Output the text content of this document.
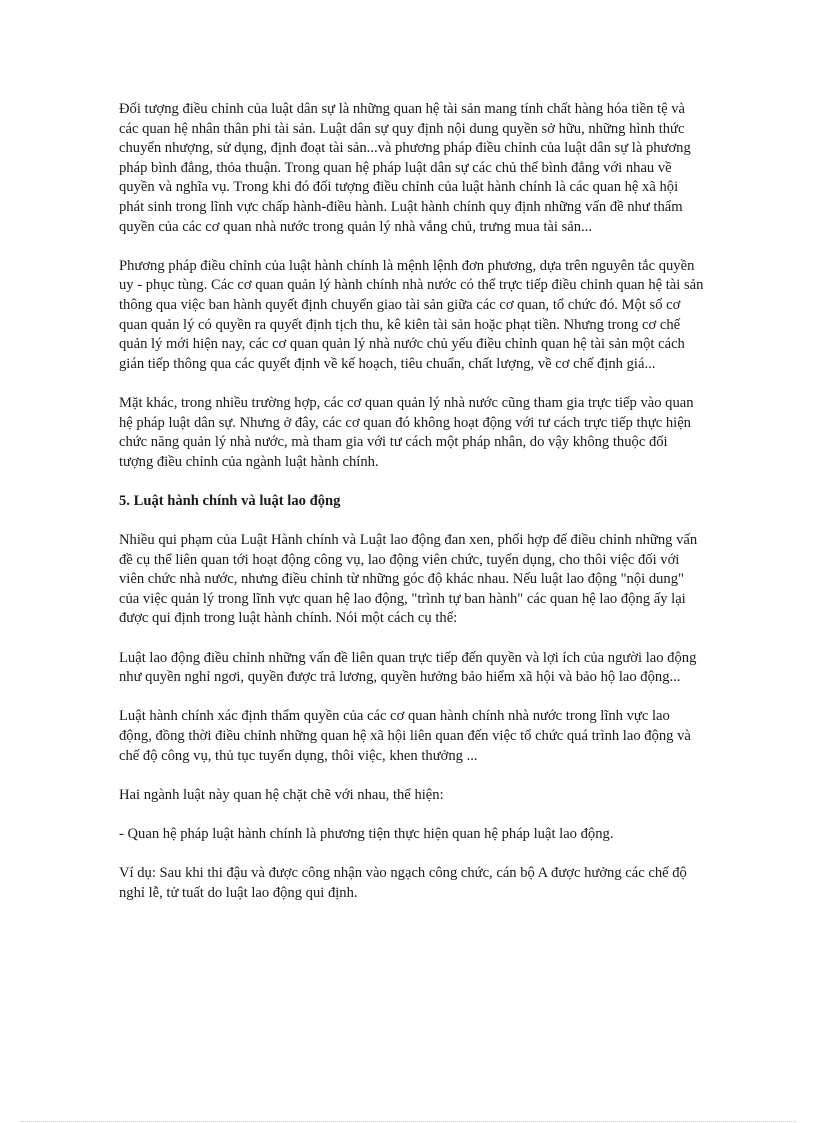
Đối tượng điều chỉnh của luật dân sự là những quan hệ tài sản mang tính chất hàng hóa tiền tệ và các quan hệ nhân thân phi tài sản. Luật dân sự quy định nội dung quyền sở hữu, những hình thức chuyển nhượng, sử dụng, định đoạt tài sản...và phương pháp điều chỉnh của luật dân sự là phương pháp bình đẳng, thỏa thuận. Trong quan hệ pháp luật dân sự các chủ thể bình đẳng với nhau về quyền và nghĩa vụ. Trong khi đó đối tượng điều chỉnh của luật hành chính là các quan hệ xã hội phát sinh trong lĩnh vực chấp hành-điều hành. Luật hành chính quy định những vấn đề như thẩm quyền của các cơ quan nhà nước trong quản lý nhà vắng chủ, trưng mua tài sản...

Phương pháp điều chỉnh của luật hành chính là mệnh lệnh đơn phương, dựa trên nguyên tắc quyền uy - phục tùng. Các cơ quan quản lý hành chính nhà nước có thể trực tiếp điều chỉnh quan hệ tài sản thông qua việc ban hành quyết định chuyển giao tài sản giữa các cơ quan, tổ chức đó. Một số cơ quan quản lý có quyền ra quyết định tịch thu, kê kiên tài sản hoặc phạt tiền. Nhưng trong cơ chế quản lý mới hiện nay, các cơ quan quản lý nhà nước chủ yếu điều chỉnh quan hệ tài sản một cách gián tiếp thông qua các quyết định về kế hoạch, tiêu chuẩn, chất lượng, về cơ chế định giá...

Mặt khác, trong nhiều trường hợp, các cơ quan quản lý nhà nước cũng tham gia trực tiếp vào quan hệ pháp luật dân sự. Nhưng ở đây, các cơ quan đó không hoạt động với tư cách trực tiếp thực hiện chức năng quản lý nhà nước, mà tham gia với tư cách một pháp nhân, do vậy không thuộc đối tượng điều chỉnh của ngành luật hành chính.

5. Luật hành chính và luật lao động

Nhiều qui phạm của Luật Hành chính và Luật lao động đan xen, phối hợp để điều chỉnh những vấn đề cụ thể liên quan tới hoạt động công vụ, lao động viên chức, tuyển dụng, cho thôi việc đối với viên chức nhà nước, nhưng điều chỉnh từ những góc độ khác nhau. Nếu luật lao động "nội dung" của việc quản lý trong lĩnh vực quan hệ lao động, "trình tự ban hành" các quan hệ lao động ấy lại được qui định trong luật hành chính. Nói một cách cụ thể:

Luật lao động điều chỉnh những vấn đề liên quan trực tiếp đến quyền và lợi ích của người lao động như quyền nghỉ ngơi, quyền được trả lương, quyền hưởng bảo hiểm xã hội và bảo hộ lao động...

Luật hành chính xác định thẩm quyền của các cơ quan hành chính nhà nước trong lĩnh vực lao động, đồng thời điều chỉnh những quan hệ xã hội liên quan đến việc tổ chức quá trình lao động và chế độ công vụ, thủ tục tuyển dụng, thôi việc, khen thưởng ...

Hai ngành luật này quan hệ chặt chẽ với nhau, thể hiện:

- Quan hệ pháp luật hành chính là phương tiện thực hiện quan hệ pháp luật lao động.

Ví dụ: Sau khi thi đậu và được công nhận vào ngạch công chức, cán bộ A được hưởng các chế độ nghỉ lễ, tử tuất do luật lao động qui định.
